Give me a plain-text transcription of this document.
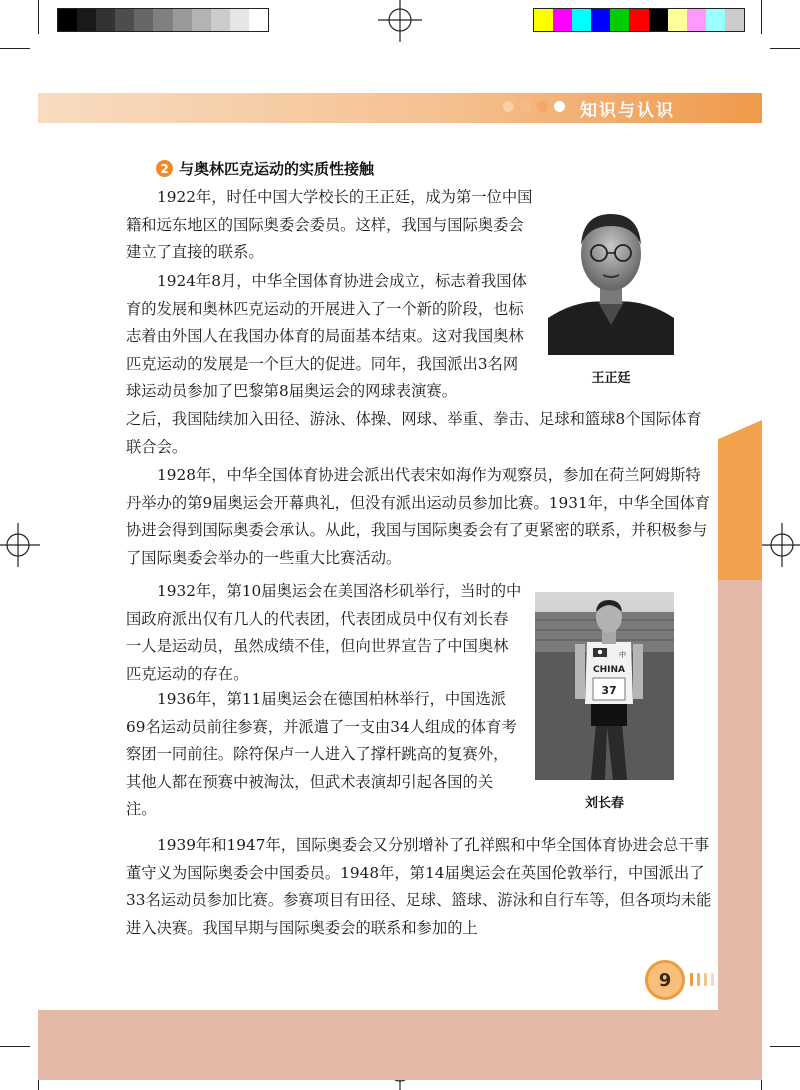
知识与认识
2 与奥林匹克运动的实质性接触

1922年，时任中国大学校长的王正廷，成为第一位中国籍和远东地区的国际奥委会委员。这样，我国与国际奥委会建立了直接的联系。

1924年8月，中华全国体育协进会成立，标志着我国体育的发展和奥林匹克运动的开展进入了一个新的阶段，也标志着由外国人在我国办体育的局面基本结束。这对我国奥林匹克运动的发展是一个巨大的促进。同年，我国派出3名网球运动员参加了巴黎第8届奥运会的网球表演赛。

之后，我国陆续加入田径、游泳、体操、网球、举重、拳击、足球和篮球8个国际体育联合会。

1928年，中华全国体育协进会派出代表宋如海作为观察员，参加在荷兰阿姆斯特丹举办的第9届奥运会开幕典礼，但没有派出运动员参加比赛。1931年，中华全国体育协进会得到国际奥委会承认。从此，我国与国际奥委会有了更紧密的联系，并积极参与了国际奥委会举办的一些重大比赛活动。

1932年，第10届奥运会在美国洛杉矶举行，当时的中国政府派出仅有几人的代表团，代表团成员中仅有刘长春一人是运动员，虽然成绩不佳，但向世界宣告了中国奥林匹克运动的存在。

1936年，第11届奥运会在德国柏林举行，中国选派69名运动员前往参赛，并派遣了一支由34人组成的体育考察团一同前往。除符保卢一人进入了撑杆跳高的复赛外，其他人都在预赛中被淘汰，但武术表演却引起各国的关注。

1939年和1947年，国际奥委会又分别增补了孔祥熙和中华全国体育协进会总干事董守义为国际奥委会中国委员。1948年，第14届奥运会在英国伦敦举行，中国派出了33名运动员参加比赛。参赛项目有田径、足球、篮球、游泳和自行车等，但各项均未能进入决赛。我国早期与国际奥委会的联系和参加的上

王正廷
37
CHINA
中
刘长春
9
